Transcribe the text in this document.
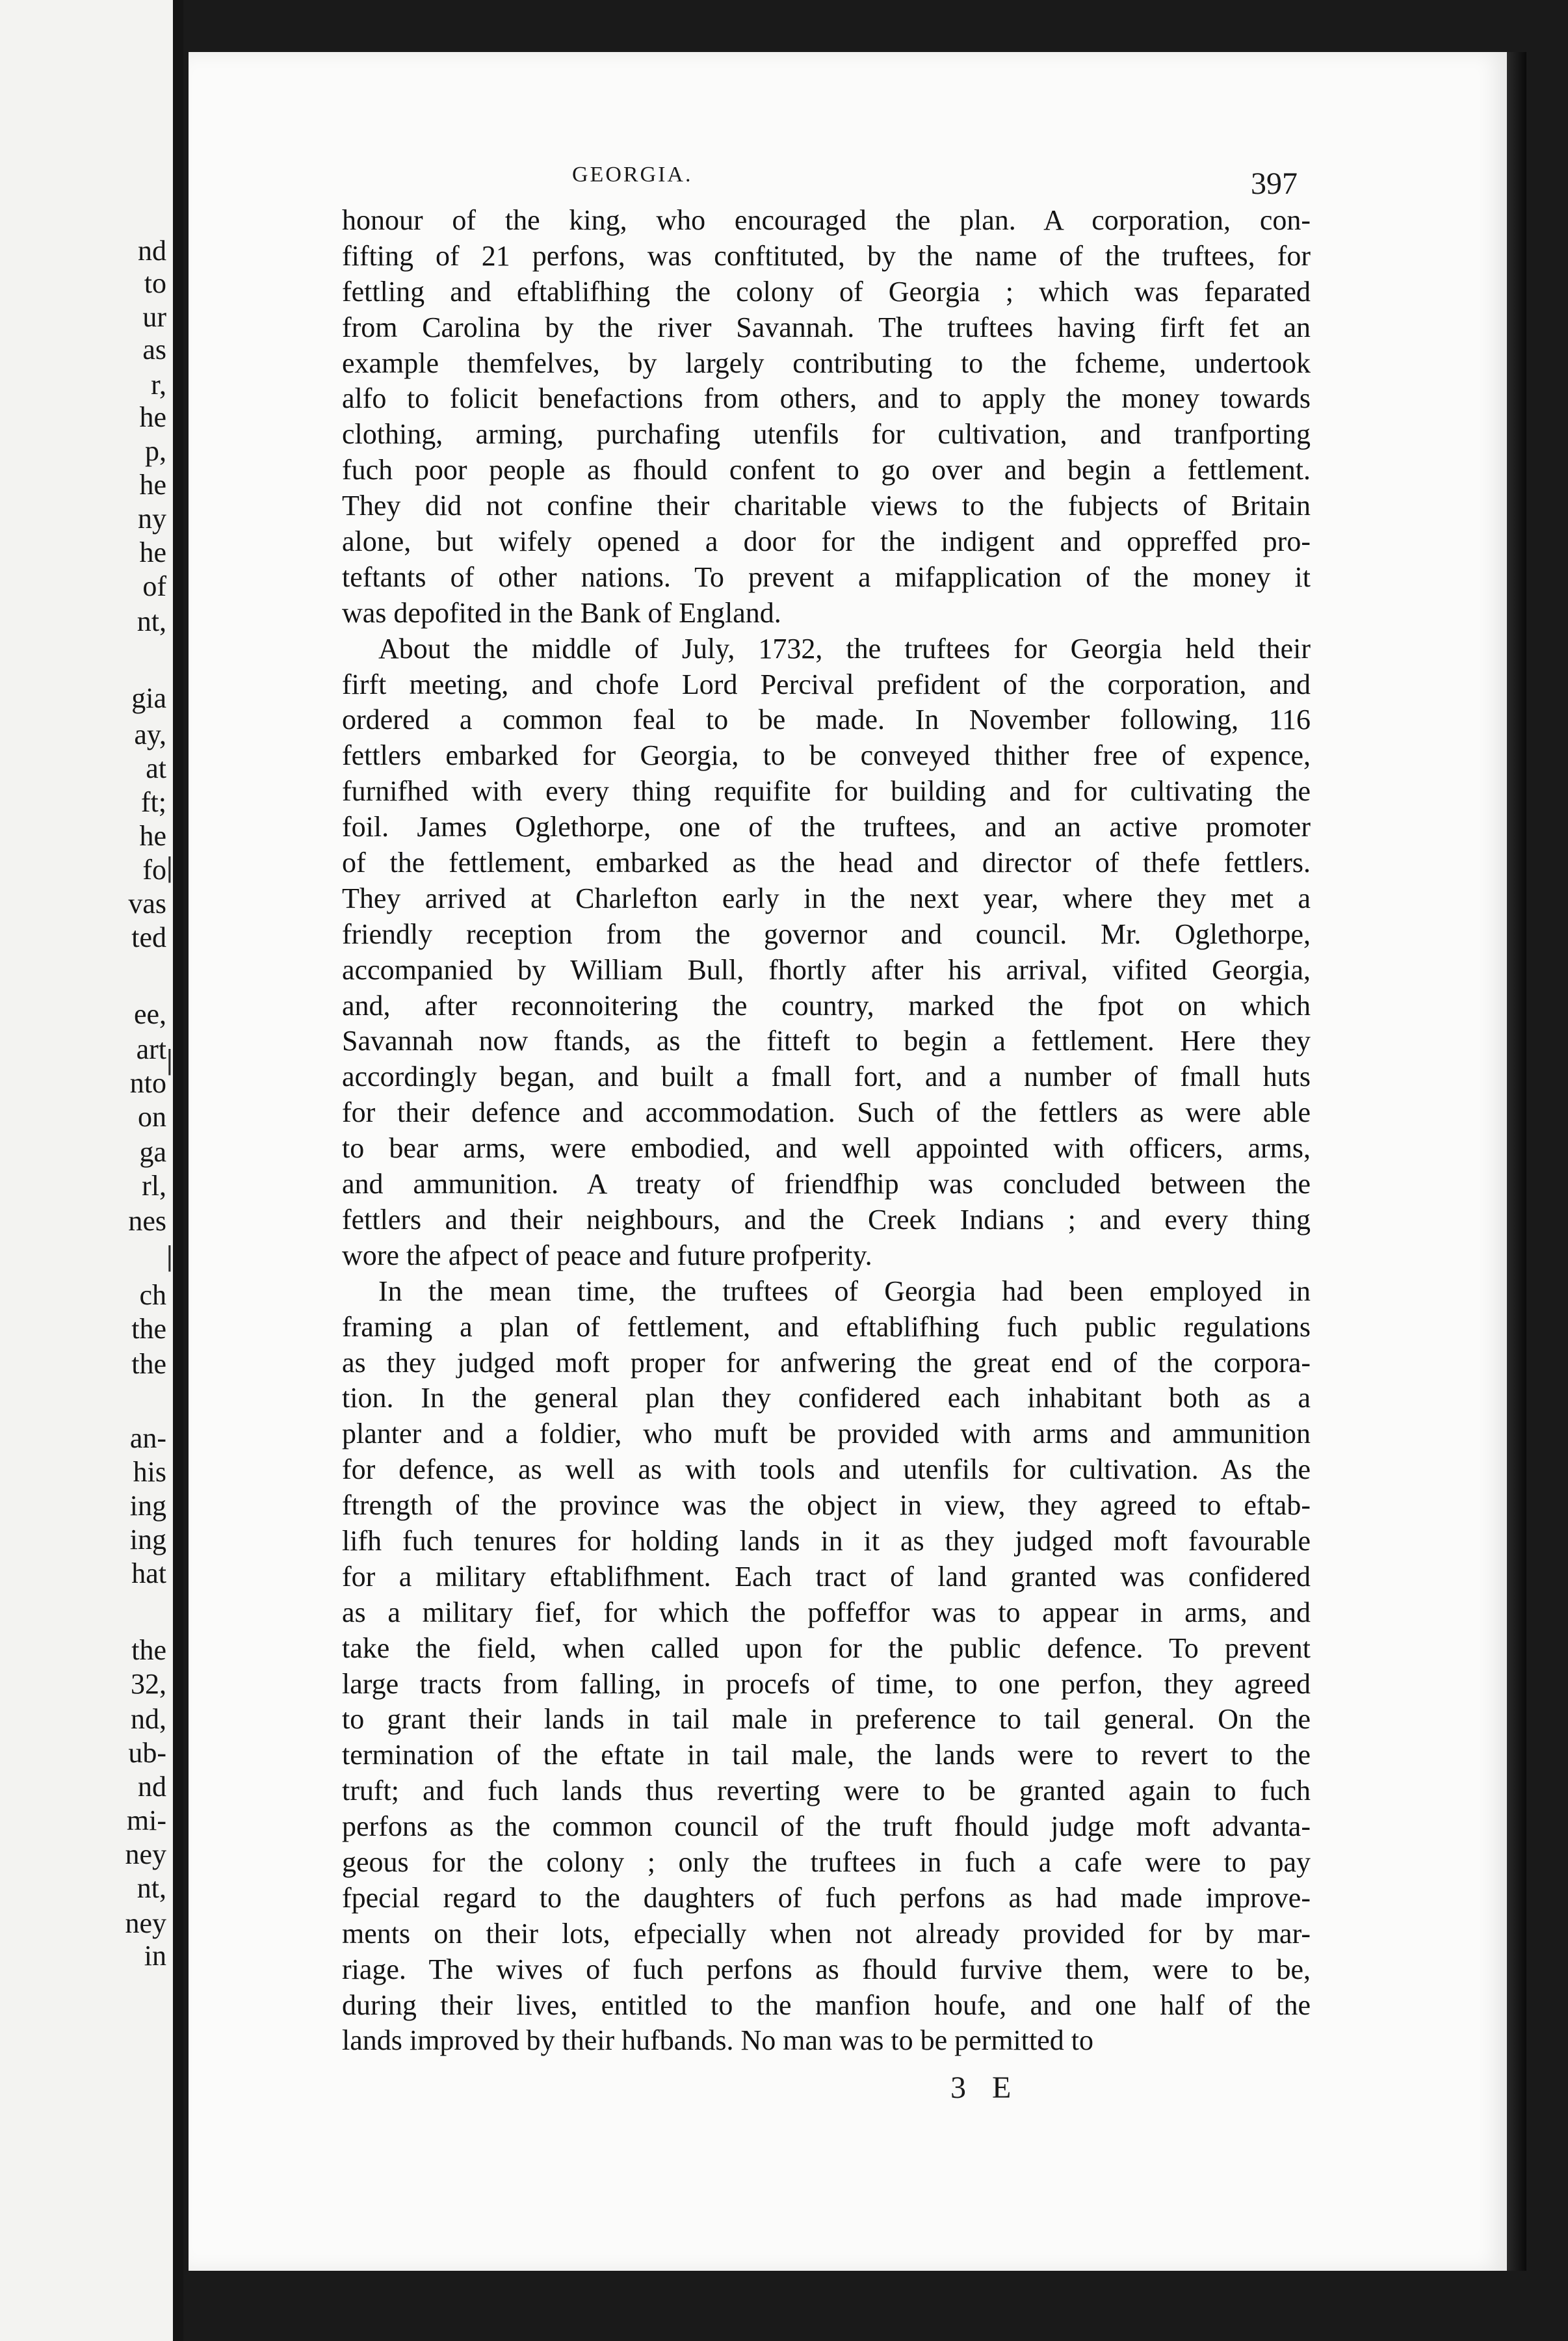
nd
to
ur
as
r,
he
p,
he
ny
he
of
nt,
gia
ay,
at
ft;
he
fo
vas
ted
ee,
art
nto
on
ga
rl,
nes
ch
the
the
an-
his
ing
ing
hat
the
32,
nd,
ub-
nd
mi-
ney
nt,
ney
in
|
|
|
GEORGIA.	397
honour of the king, who encouraged the plan. A corporation, con-
fifting of 21 perfons, was conftituted, by the name of the truftees, for
fettling and eftablifhing the colony of Georgia ; which was feparated
from Carolina by the river Savannah. The truftees having firft fet an
example themfelves, by largely contributing to the fcheme, undertook
alfo to folicit benefactions from others, and to apply the money towards
clothing, arming, purchafing utenfils for cultivation, and tranfporting
fuch poor people as fhould confent to go over and begin a fettlement.
They did not confine their charitable views to the fubjects of Britain
alone, but wifely opened a door for the indigent and oppreffed pro-
teftants of other nations. To prevent a mifapplication of the money it
was depofited in the Bank of England.
About the middle of July, 1732, the truftees for Georgia held their
firft meeting, and chofe Lord Percival prefident of the corporation, and
ordered a common feal to be made. In November following, 116
fettlers embarked for Georgia, to be conveyed thither free of expence,
furnifhed with every thing requifite for building and for cultivating the
foil. James Oglethorpe, one of the truftees, and an active promoter
of the fettlement, embarked as the head and director of thefe fettlers.
They arrived at Charlefton early in the next year, where they met a
friendly reception from the governor and council. Mr. Oglethorpe,
accompanied by William Bull, fhortly after his arrival, vifited Georgia,
and, after reconnoitering the country, marked the fpot on which
Savannah now ftands, as the fitteft to begin a fettlement. Here they
accordingly began, and built a fmall fort, and a number of fmall huts
for their defence and accommodation. Such of the fettlers as were able
to bear arms, were embodied, and well appointed with officers, arms,
and ammunition. A treaty of friendfhip was concluded between the
fettlers and their neighbours, and the Creek Indians ; and every thing
wore the afpect of peace and future profperity.
In the mean time, the truftees of Georgia had been employed in
framing a plan of fettlement, and eftablifhing fuch public regulations
as they judged moft proper for anfwering the great end of the corpora-
tion. In the general plan they confidered each inhabitant both as a
planter and a foldier, who muft be provided with arms and ammunition
for defence, as well as with tools and utenfils for cultivation. As the
ftrength of the province was the object in view, they agreed to eftab-
lifh fuch tenures for holding lands in it as they judged moft favourable
for a military eftablifhment. Each tract of land granted was confidered
as a military fief, for which the poffeffor was to appear in arms, and
take the field, when called upon for the public defence. To prevent
large tracts from falling, in procefs of time, to one perfon, they agreed
to grant their lands in tail male in preference to tail general. On the
termination of the eftate in tail male, the lands were to revert to the
truft; and fuch lands thus reverting were to be granted again to fuch
perfons as the common council of the truft fhould judge moft advanta-
geous for the colony ; only the truftees in fuch a cafe were to pay
fpecial regard to the daughters of fuch perfons as had made improve-
ments on their lots, efpecially when not already provided for by mar-
riage. The wives of fuch perfons as fhould furvive them, were to be,
during their lives, entitled to the manfion houfe, and one half of the
lands improved by their hufbands. No man was to be permitted to
3 E
